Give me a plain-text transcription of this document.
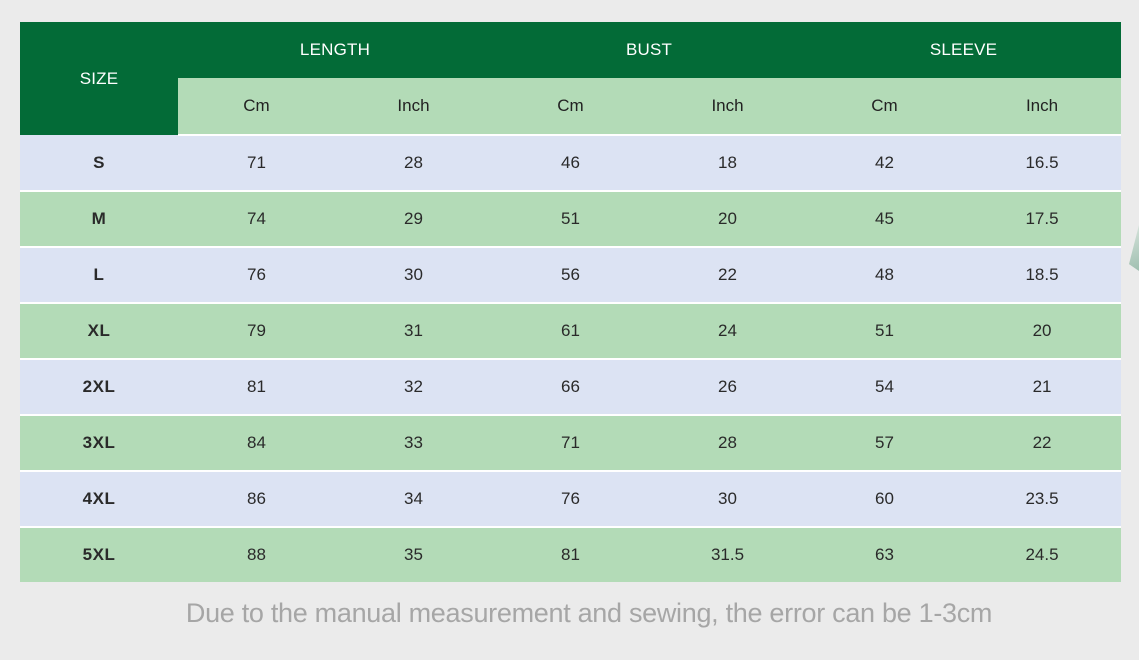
SIZE	LENGTH		BUST		SLEEVE	
	Cm	Inch	Cm	Inch	Cm	Inch
S	71	28	46	18	42	16.5
M	74	29	51	20	45	17.5
L	76	30	56	22	48	18.5
XL	79	31	61	24	51	20
2XL	81	32	66	26	54	21
3XL	84	33	71	28	57	22
4XL	86	34	76	30	60	23.5
5XL	88	35	81	31.5	63	24.5
Due to the manual measurement and sewing, the error can be 1-3cm
